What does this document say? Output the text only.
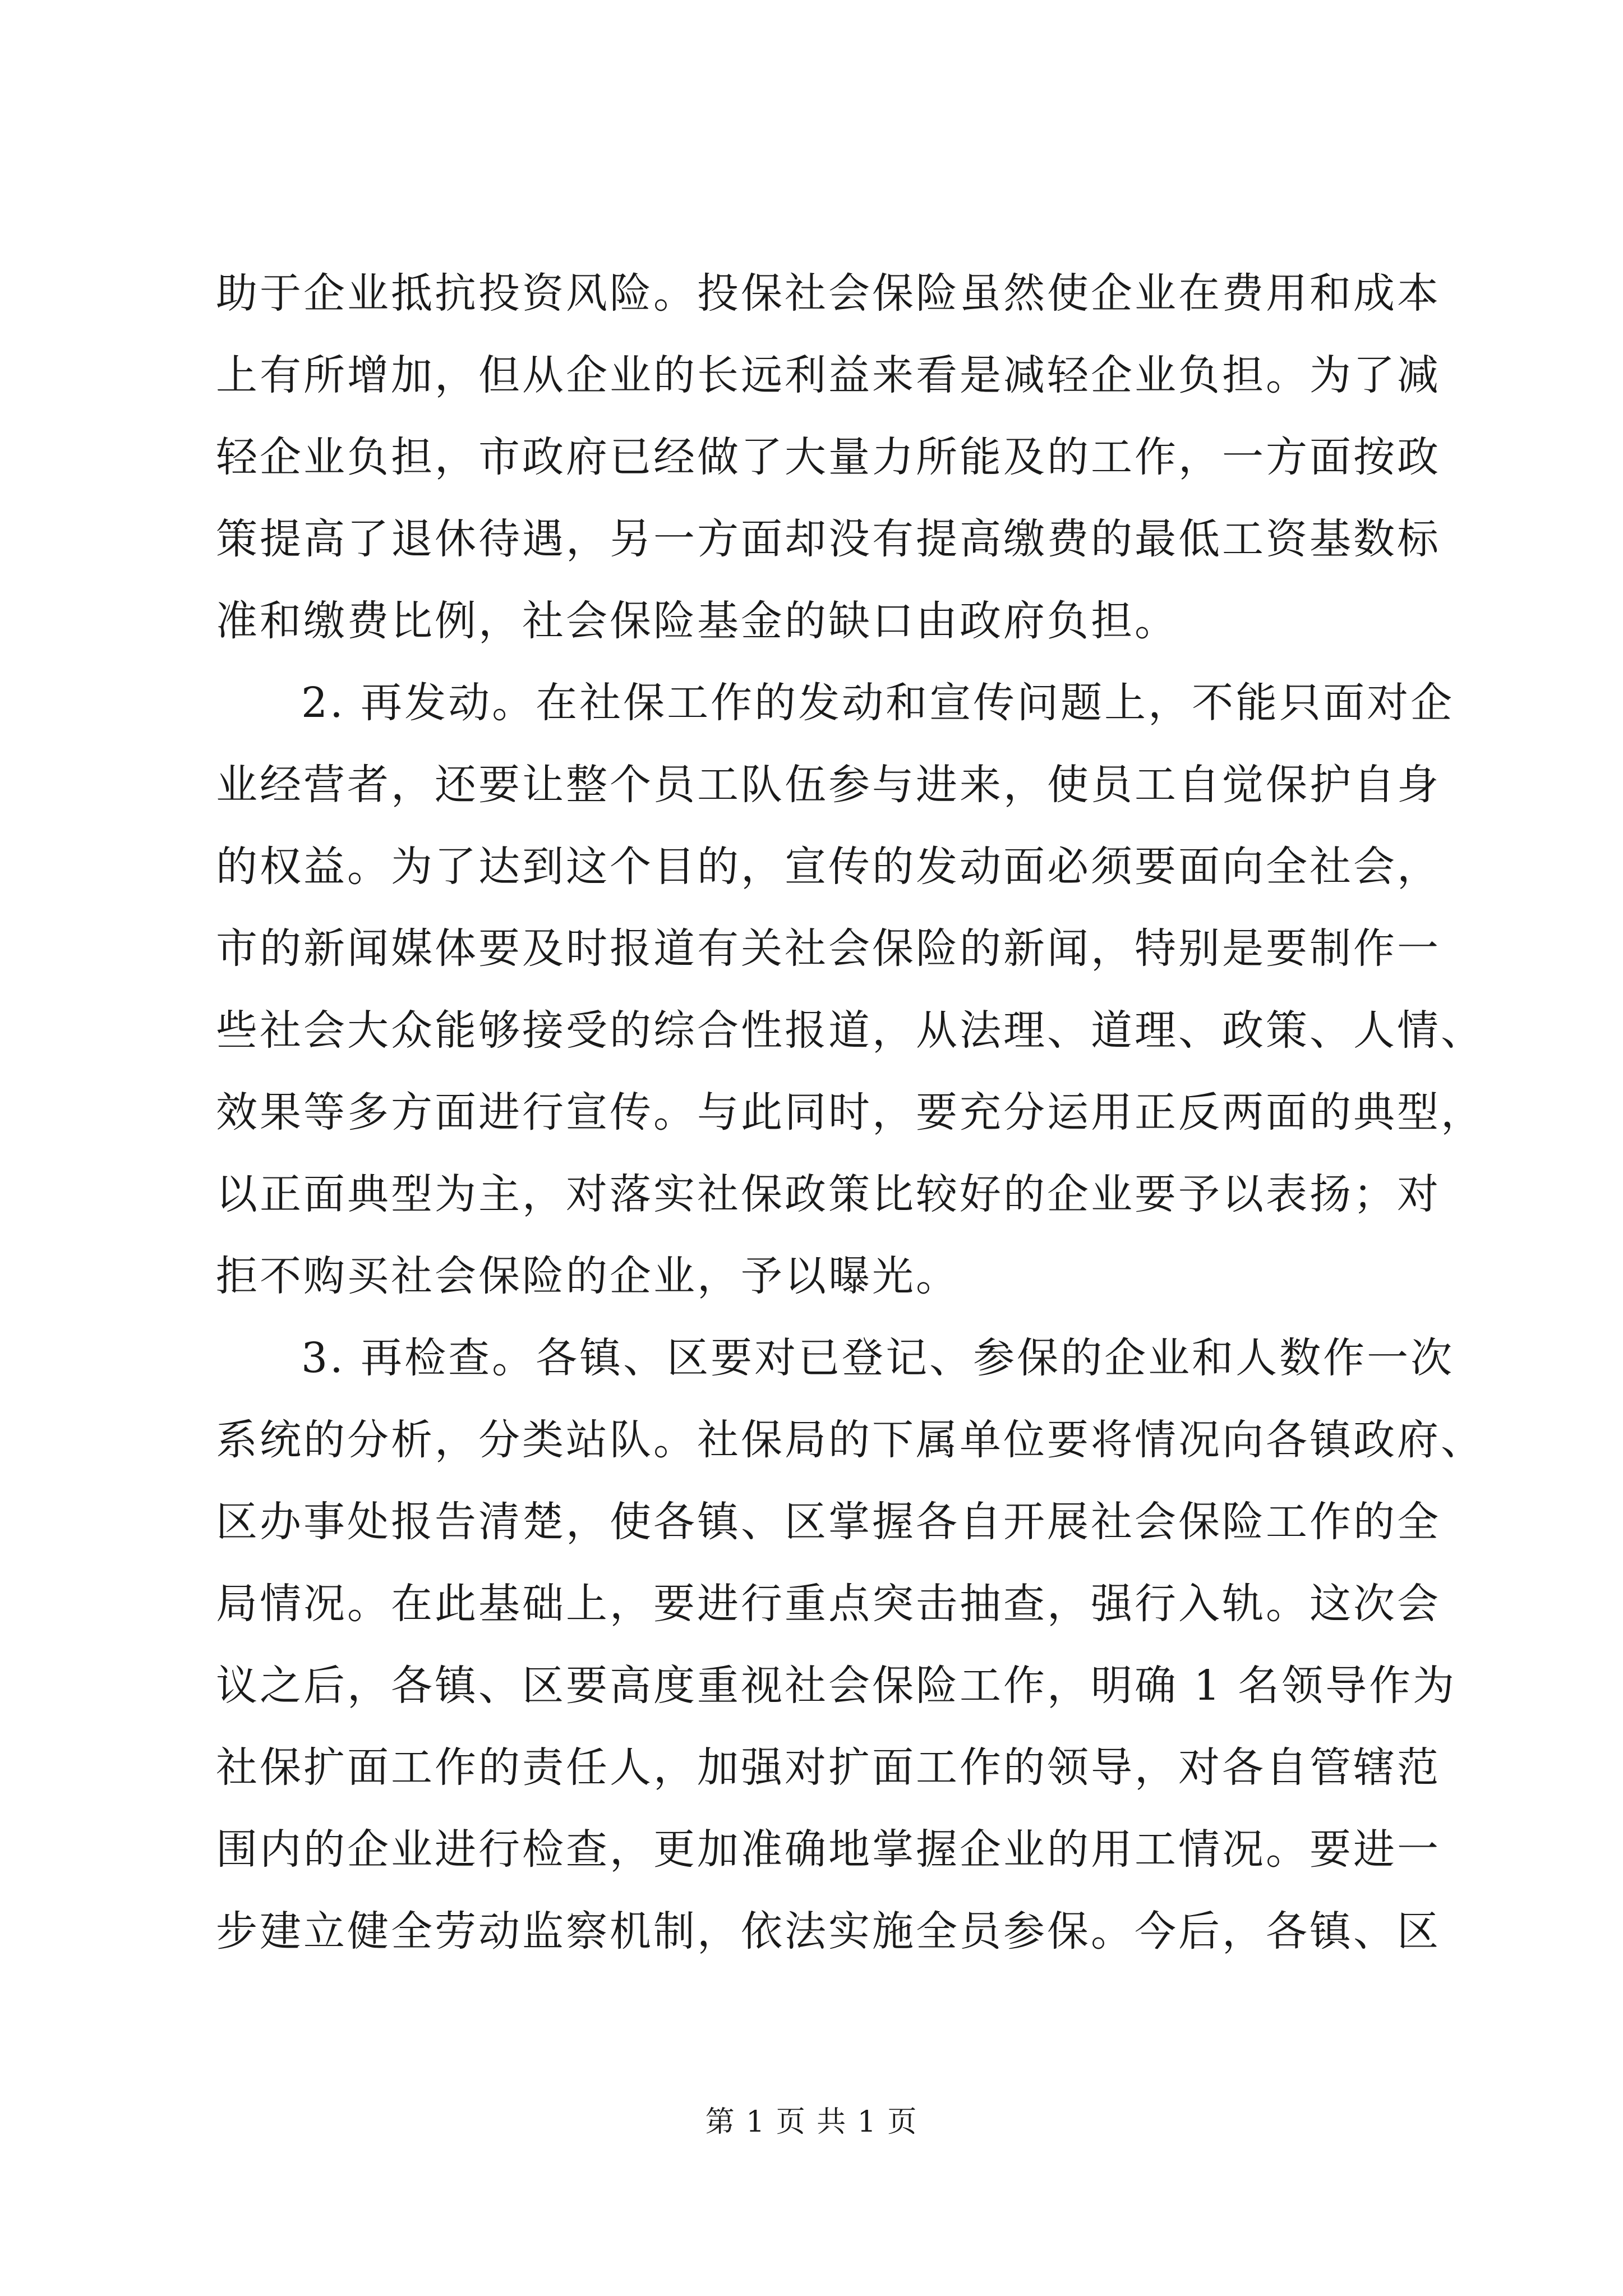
助于企业抵抗投资风险。投保社会保险虽然使企业在费用和成本
上有所增加，但从企业的长远利益来看是减轻企业负担。为了减
轻企业负担，市政府已经做了大量力所能及的工作，一方面按政
策提高了退休待遇，另一方面却没有提高缴费的最低工资基数标
准和缴费比例，社会保险基金的缺口由政府负担。
2. 再发动。在社保工作的发动和宣传问题上，不能只面对企
业经营者，还要让整个员工队伍参与进来，使员工自觉保护自身
的权益。为了达到这个目的，宣传的发动面必须要面向全社会，
市的新闻媒体要及时报道有关社会保险的新闻，特别是要制作一
些社会大众能够接受的综合性报道，从法理、道理、政策、人情、
效果等多方面进行宣传。与此同时，要充分运用正反两面的典型，
以正面典型为主，对落实社保政策比较好的企业要予以表扬；对
拒不购买社会保险的企业，予以曝光。
3. 再检查。各镇、区要对已登记、参保的企业和人数作一次
系统的分析，分类站队。社保局的下属单位要将情况向各镇政府、
区办事处报告清楚，使各镇、区掌握各自开展社会保险工作的全
局情况。在此基础上，要进行重点突击抽查，强行入轨。这次会
议之后，各镇、区要高度重视社会保险工作，明确 1 名领导作为
社保扩面工作的责任人，加强对扩面工作的领导，对各自管辖范
围内的企业进行检查，更加准确地掌握企业的用工情况。要进一
步建立健全劳动监察机制，依法实施全员参保。今后，各镇、区
第 1 页 共 1 页
